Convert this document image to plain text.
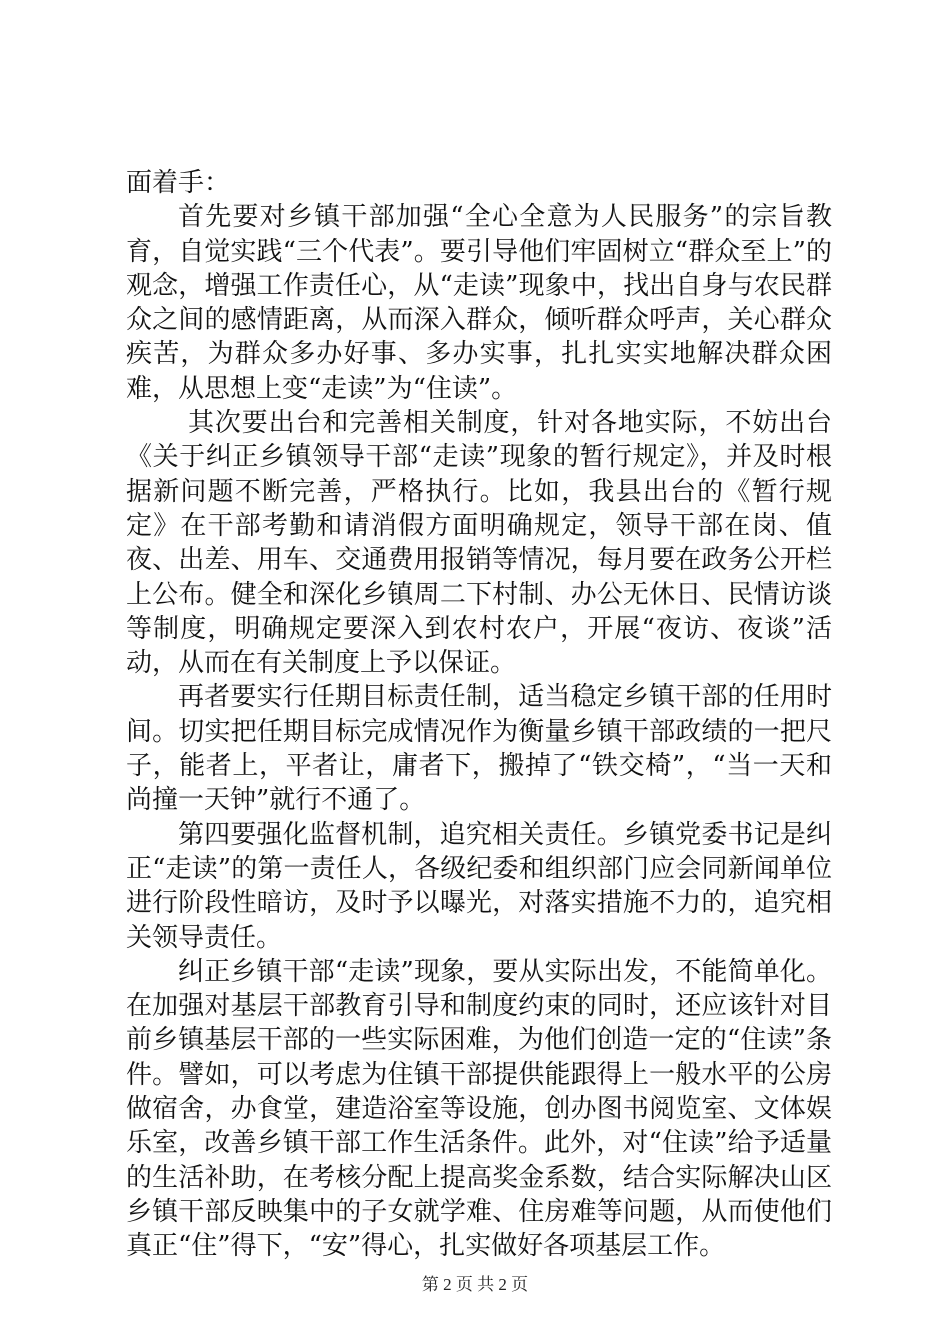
面着手：

首先要对乡镇干部加强“全心全意为人民服务”的宗旨教育，自觉实践“三个代表”。要引导他们牢固树立“群众至上”的观念，增强工作责任心，从“走读”现象中，找出自身与农民群众之间的感情距离，从而深入群众，倾听群众呼声，关心群众疾苦，为群众多办好事、多办实事，扎扎实实地解决群众困难，从思想上变“走读”为“住读”。

其次要出台和完善相关制度，针对各地实际，不妨出台《关于纠正乡镇领导干部“走读”现象的暂行规定》，并及时根据新问题不断完善，严格执行。比如，我县出台的《暂行规定》在干部考勤和请消假方面明确规定，领导干部在岗、值夜、出差、用车、交通费用报销等情况，每月要在政务公开栏上公布。健全和深化乡镇周二下村制、办公无休日、民情访谈等制度，明确规定要深入到农村农户，开展“夜访、夜谈”活动，从而在有关制度上予以保证。

再者要实行任期目标责任制，适当稳定乡镇干部的任用时间。切实把任期目标完成情况作为衡量乡镇干部政绩的一把尺子，能者上，平者让，庸者下，搬掉了“铁交椅”，“当一天和尚撞一天钟”就行不通了。

第四要强化监督机制，追究相关责任。乡镇党委书记是纠正“走读”的第一责任人，各级纪委和组织部门应会同新闻单位进行阶段性暗访，及时予以曝光，对落实措施不力的，追究相关领导责任。

纠正乡镇干部“走读”现象，要从实际出发，不能简单化。在加强对基层干部教育引导和制度约束的同时，还应该针对目前乡镇基层干部的一些实际困难，为他们创造一定的“住读”条件。譬如，可以考虑为住镇干部提供能跟得上一般水平的公房做宿舍，办食堂，建造浴室等设施，创办图书阅览室、文体娱乐室，改善乡镇干部工作生活条件。此外，对“住读”给予适量的生活补助，在考核分配上提高奖金系数，结合实际解决山区乡镇干部反映集中的子女就学难、住房难等问题，从而使他们真正“住”得下，“安”得心，扎实做好各项基层工作。

第 2 页 共 2 页
